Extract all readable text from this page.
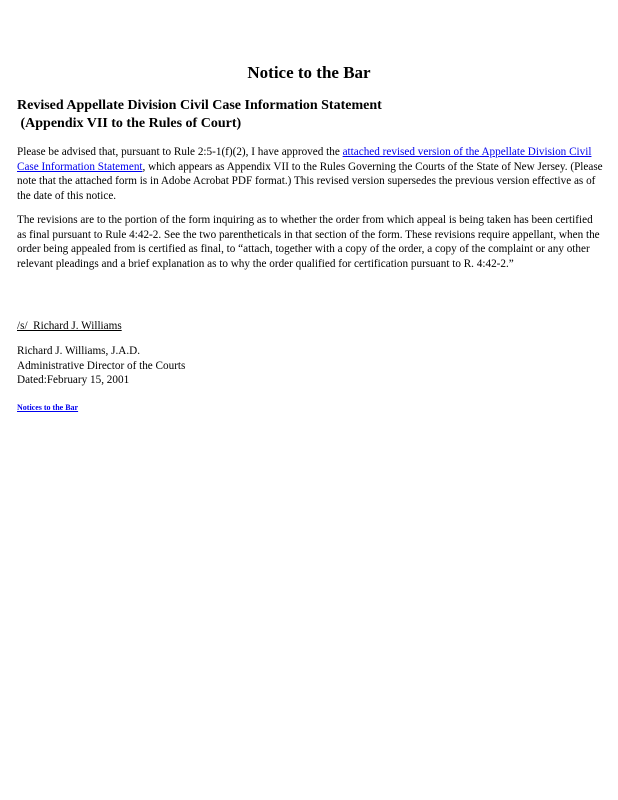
Notice to the Bar
Revised Appellate Division Civil Case Information Statement
(Appendix VII to the Rules of Court)

Please be advised that, pursuant to Rule 2:5-1(f)(2), I have approved the attached revised version of the Appellate Division Civil Case Information Statement, which appears as Appendix VII to the Rules Governing the Courts of the State of New Jersey. (Please note that the attached form is in Adobe Acrobat PDF format.) This revised version supersedes the previous version effective as of the date of this notice.

The revisions are to the portion of the form inquiring as to whether the order from which appeal is being taken has been certified as final pursuant to Rule 4:42-2. See the two parentheticals in that section of the form. These revisions require appellant, when the order being appealed from is certified as final, to “attach, together with a copy of the order, a copy of the complaint or any other relevant pleadings and a brief explanation as to why the order qualified for certification pursuant to R. 4:42-2.”

/s/  Richard J. Williams

Richard J. Williams, J.A.D.
Administrative Director of the Courts
Dated:February 15, 2001
Notices to the Bar
